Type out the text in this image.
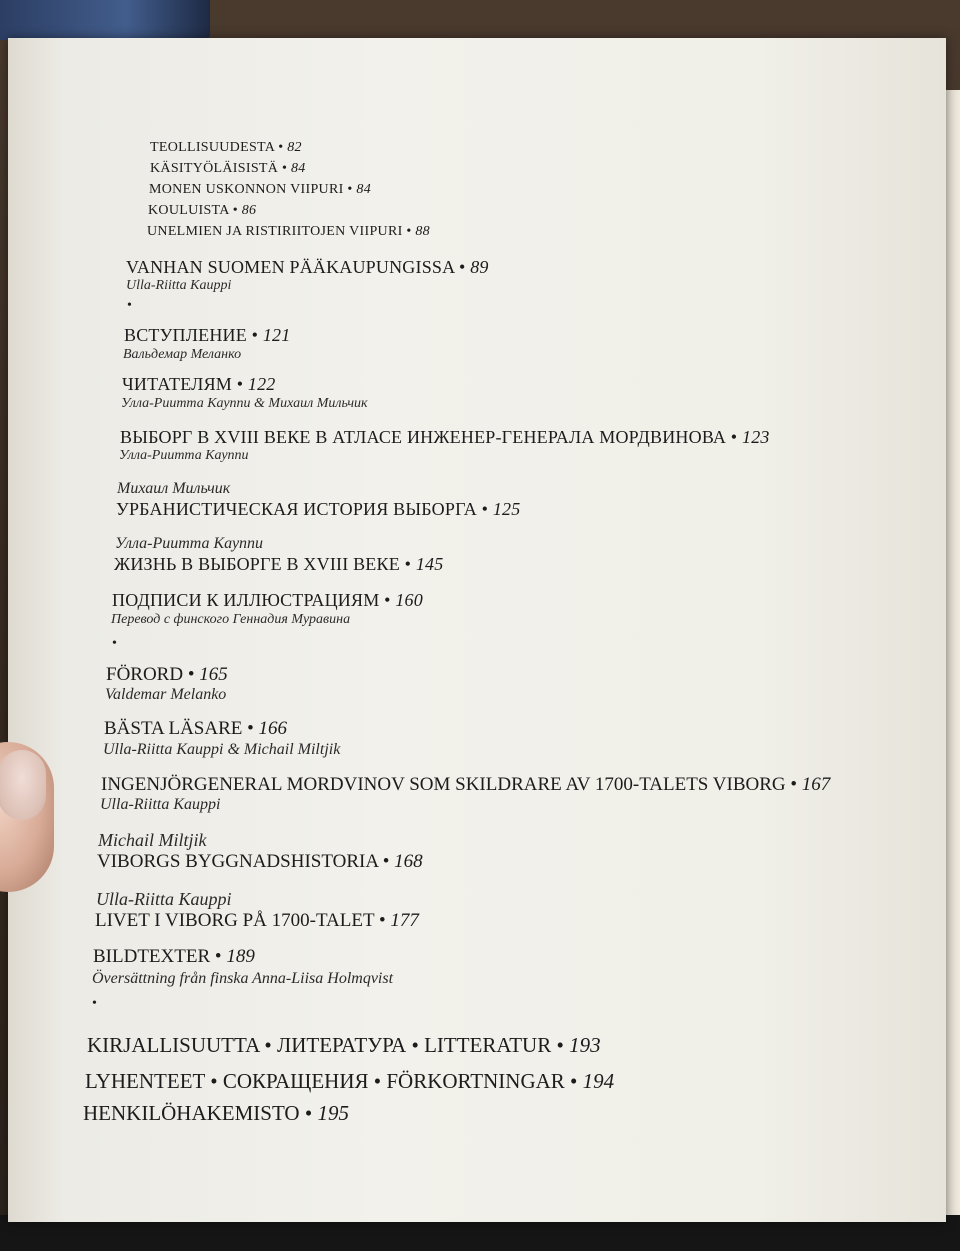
TEOLLISUUDESTA • 82
KÄSITYÖLÄISISTÄ • 84
MONEN USKONNON VIIPURI • 84
KOULUISTA • 86
UNELMIEN JA RISTIRIITOJEN VIIPURI • 88
VANHAN SUOMEN PÄÄKAUPUNGISSA • 89
Ulla-Riitta Kauppi
•
ВСТУПЛЕНИЕ • 121
Вальдемар Меланко
ЧИТАТЕЛЯМ • 122
Улла-Риитта Кауппи & Михаил Мильчик
ВЫБОРГ В XVIII ВЕКЕ В АТЛАСЕ ИНЖЕНЕР-ГЕНЕРАЛА МОРДВИНОВА • 123
Улла-Риитта Кауппи
Михаил Мильчик
УРБАНИСТИЧЕСКАЯ ИСТОРИЯ ВЫБОРГА • 125
Улла-Риитта Кауппи
ЖИЗНЬ В ВЫБОРГЕ В XVIII ВЕКЕ • 145
ПОДПИСИ К ИЛЛЮСТРАЦИЯМ • 160
Перевод с финского Геннадия Муравина
•
FÖRORD • 165
Valdemar Melanko
BÄSTA LÄSARE • 166
Ulla-Riitta Kauppi & Michail Miltjik
INGENJÖRGENERAL MORDVINOV SOM SKILDRARE AV 1700-TALETS VIBORG • 167
Ulla-Riitta Kauppi
Michail Miltjik
VIBORGS BYGGNADSHISTORIA • 168
Ulla-Riitta Kauppi
LIVET I VIBORG PÅ 1700-TALET • 177
BILDTEXTER • 189
Översättning från finska Anna-Liisa Holmqvist
•
KIRJALLISUUTTA • ЛИТЕРАТУРА • LITTERATUR • 193
LYHENTEET • СОКРАЩЕНИЯ • FÖRKORTNINGAR • 194
HENKILÖHAKEMISTO • 195
